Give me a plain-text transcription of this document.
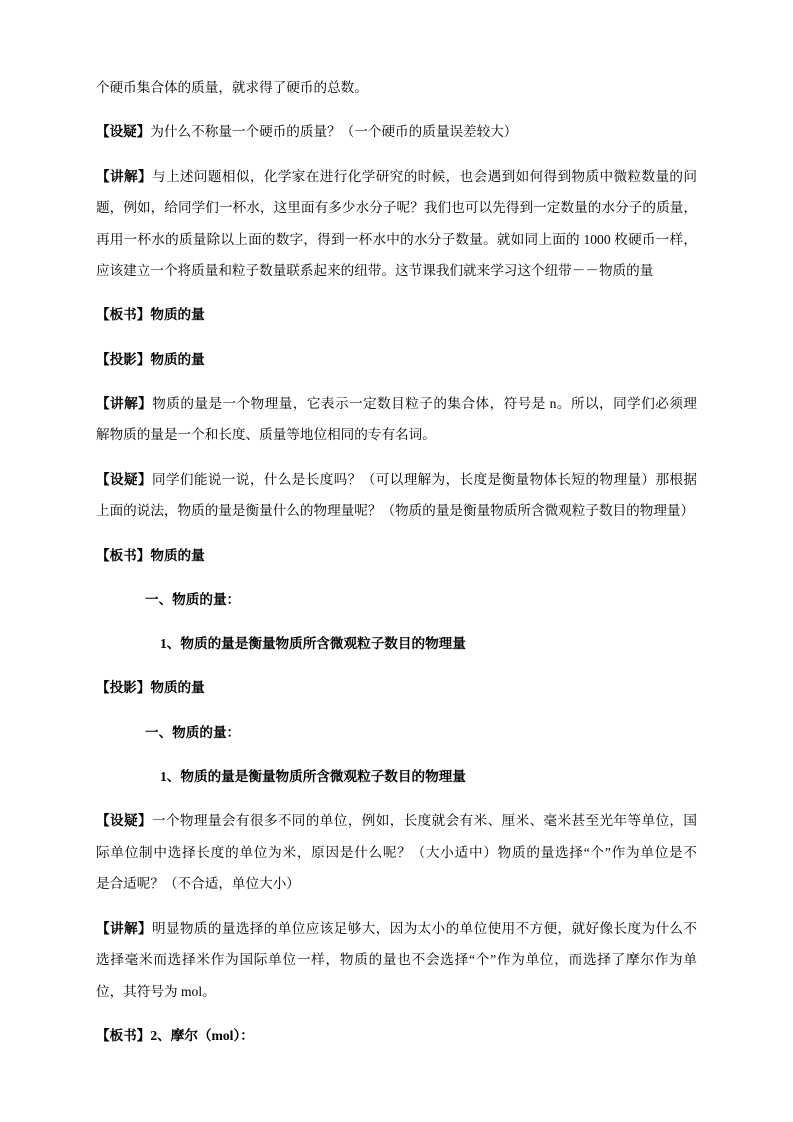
个硬币集合体的质量，就求得了硬币的总数。
【设疑】为什么不称量一个硬币的质量？（一个硬币的质量误差较大）
【讲解】与上述问题相似，化学家在进行化学研究的时候，也会遇到如何得到物质中微粒数量的问
题，例如，给同学们一杯水，这里面有多少水分子呢？我们也可以先得到一定数量的水分子的质量，
再用一杯水的质量除以上面的数字，得到一杯水中的水分子数量。就如同上面的 1000 枚硬币一样，
应该建立一个将质量和粒子数量联系起来的纽带。这节课我们就来学习这个纽带－－物质的量
【板书】物质的量
【投影】物质的量
【讲解】物质的量是一个物理量，它表示一定数目粒子的集合体，符号是 n。所以，同学们必须理
解物质的量是一个和长度、质量等地位相同的专有名词。
【设疑】同学们能说一说，什么是长度吗？（可以理解为，长度是衡量物体长短的物理量）那根据
上面的说法，物质的量是衡量什么的物理量呢？（物质的量是衡量物质所含微观粒子数目的物理量）
【板书】物质的量
一、物质的量：
1、物质的量是衡量物质所含微观粒子数目的物理量
【投影】物质的量
一、物质的量：
1、物质的量是衡量物质所含微观粒子数目的物理量
【设疑】一个物理量会有很多不同的单位，例如，长度就会有米、厘米、毫米甚至光年等单位，国
际单位制中选择长度的单位为米，原因是什么呢？（大小适中）物质的量选择“个”作为单位是不
是合适呢？（不合适，单位大小）
【讲解】明显物质的量选择的单位应该足够大，因为太小的单位使用不方便，就好像长度为什么不
选择毫米而选择米作为国际单位一样，物质的量也不会选择“个”作为单位，而选择了摩尔作为单
位，其符号为 mol。
【板书】2、摩尔（mol）：
